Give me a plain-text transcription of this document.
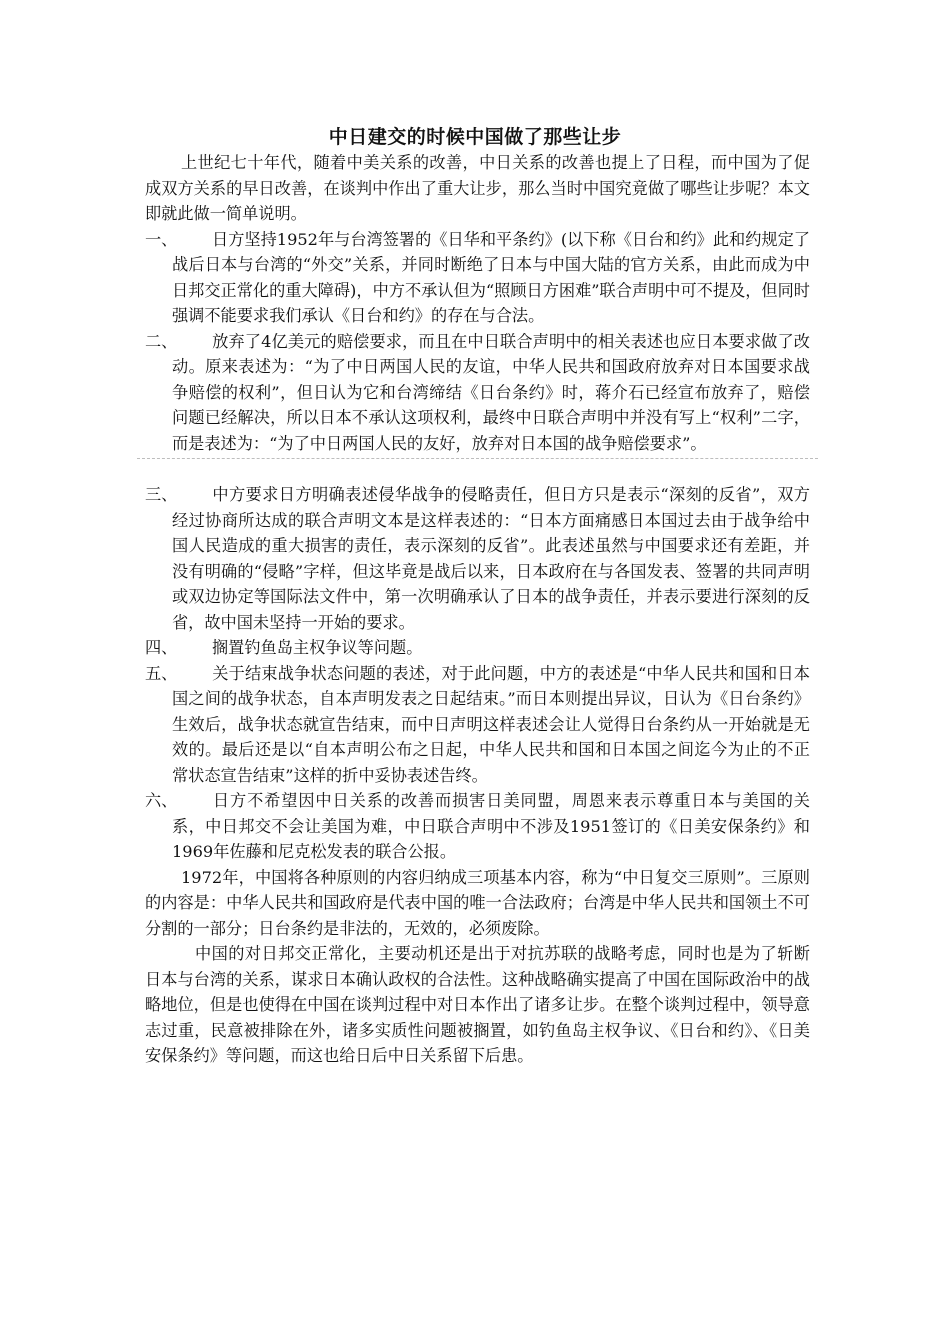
中日建交的时候中国做了那些让步

上世纪七十年代，随着中美关系的改善，中日关系的改善也提上了日程，而中国为了促成双方关系的早日改善，在谈判中作出了重大让步，那么当时中国究竟做了哪些让步呢？本文即就此做一简单说明。

一、	日方坚持1952年与台湾签署的《日华和平条约》(以下称《日台和约》此和约规定了战后日本与台湾的“外交”关系，并同时断绝了日本与中国大陆的官方关系，由此而成为中日邦交正常化的重大障碍)，中方不承认但为“照顾日方困难”联合声明中可不提及，但同时强调不能要求我们承认《日台和约》的存在与合法。

二、	放弃了4亿美元的赔偿要求，而且在中日联合声明中的相关表述也应日本要求做了改动。原来表述为：“为了中日两国人民的友谊，中华人民共和国政府放弃对日本国要求战争赔偿的权利”，但日认为它和台湾缔结《日台条约》时，蒋介石已经宣布放弃了，赔偿问题已经解决，所以日本不承认这项权利，最终中日联合声明中并没有写上“权利”二字，而是表述为：“为了中日两国人民的友好，放弃对日本国的战争赔偿要求”。

三、	中方要求日方明确表述侵华战争的侵略责任，但日方只是表示“深刻的反省”，双方经过协商所达成的联合声明文本是这样表述的：“日本方面痛感日本国过去由于战争给中国人民造成的重大损害的责任，表示深刻的反省”。此表述虽然与中国要求还有差距，并没有明确的“侵略”字样，但这毕竟是战后以来，日本政府在与各国发表、签署的共同声明或双边协定等国际法文件中，第一次明确承认了日本的战争责任，并表示要进行深刻的反省，故中国未坚持一开始的要求。

四、	搁置钓鱼岛主权争议等问题。

五、	关于结束战争状态问题的表述，对于此问题，中方的表述是“中华人民共和国和日本国之间的战争状态，自本声明发表之日起结束。”而日本则提出异议，日认为《日台条约》生效后，战争状态就宣告结束，而中日声明这样表述会让人觉得日台条约从一开始就是无效的。最后还是以“自本声明公布之日起，中华人民共和国和日本国之间迄今为止的不正常状态宣告结束”这样的折中妥协表述告终。

六、	日方不希望因中日关系的改善而损害日美同盟，周恩来表示尊重日本与美国的关系，中日邦交不会让美国为难，中日联合声明中不涉及1951签订的《日美安保条约》和1969年佐藤和尼克松发表的联合公报。

1972年，中国将各种原则的内容归纳成三项基本内容，称为“中日复交三原则”。三原则的内容是：中华人民共和国政府是代表中国的唯一合法政府；台湾是中华人民共和国领土不可分割的一部分；日台条约是非法的，无效的，必须废除。

中国的对日邦交正常化，主要动机还是出于对抗苏联的战略考虑，同时也是为了斩断日本与台湾的关系，谋求日本确认政权的合法性。这种战略确实提高了中国在国际政治中的战略地位，但是也使得在中国在谈判过程中对日本作出了诸多让步。在整个谈判过程中，领导意志过重，民意被排除在外，诸多实质性问题被搁置，如钓鱼岛主权争议、《日台和约》、《日美安保条约》等问题，而这也给日后中日关系留下后患。
